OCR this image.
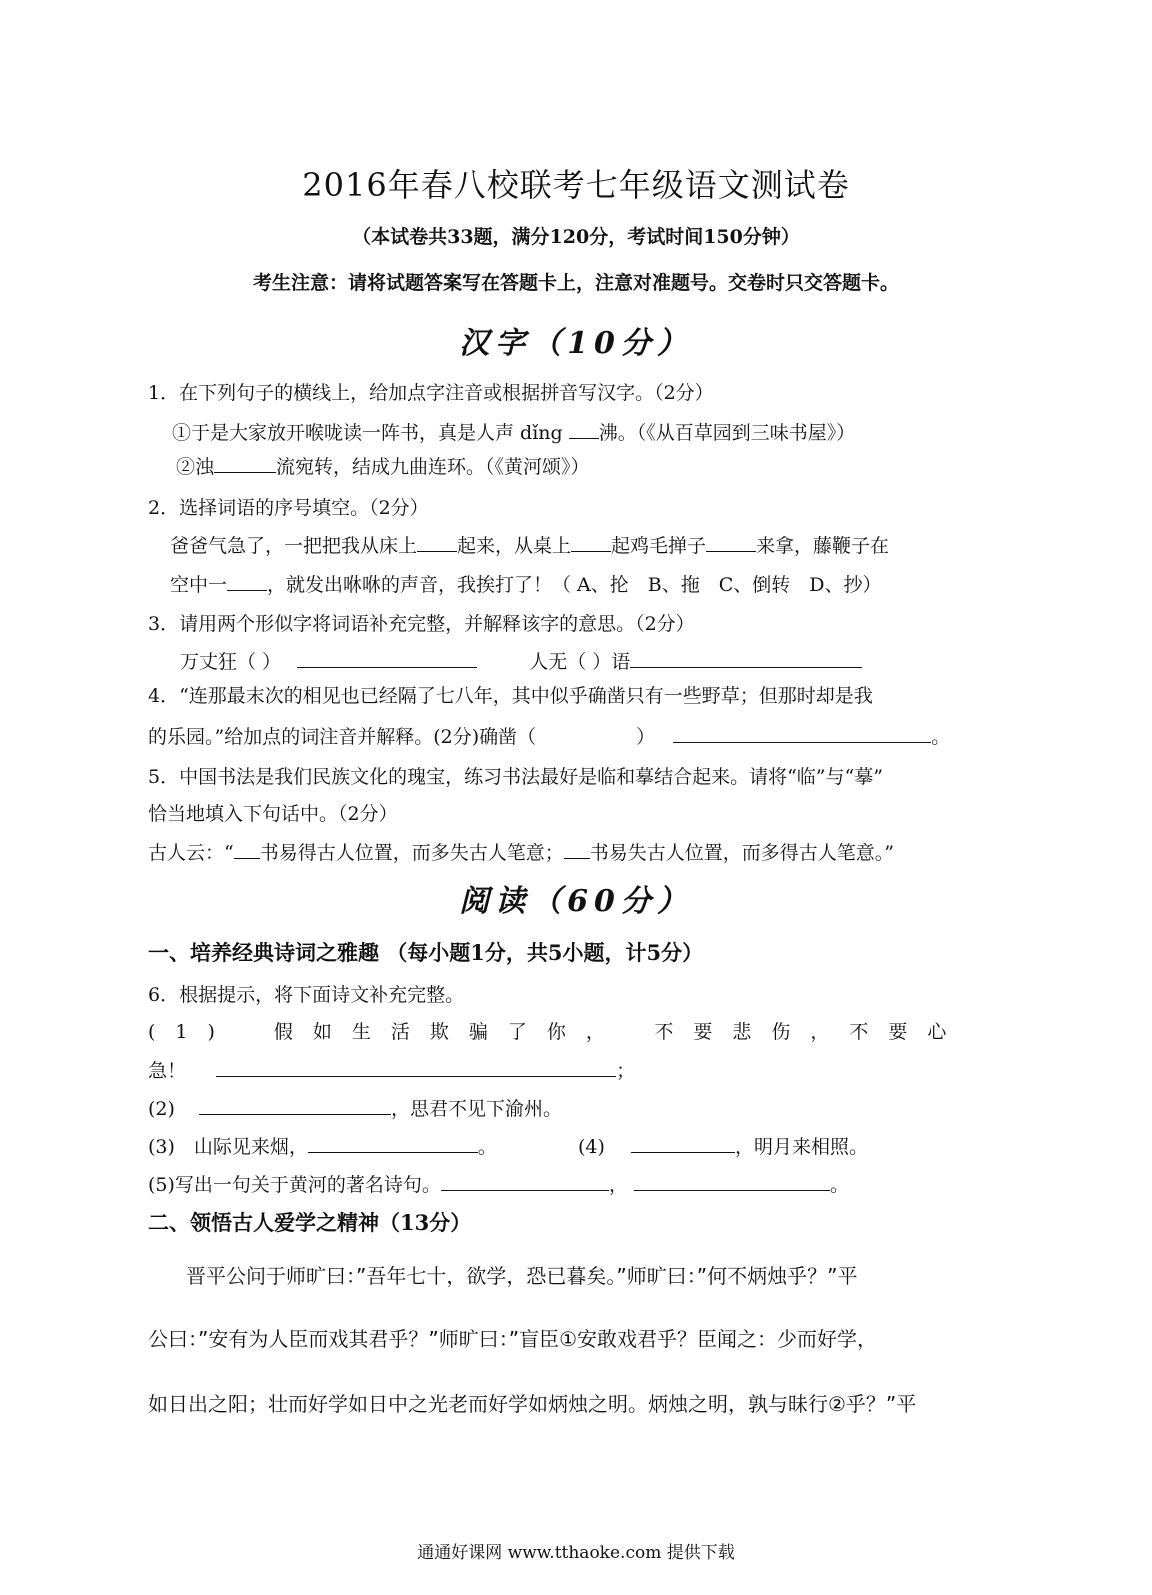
2016年春八校联考七年级语文测试卷
（本试卷共33题，满分120分，考试时间150分钟）
考生注意：请将试题答案写在答题卡上，注意对准题号。交卷时只交答题卡。
汉字（10分）
1．在下列句子的横线上，给加点字注音或根据拼音写汉字。（2分）
①于是大家放开喉咙读一阵书，真是人声 dǐng 沸。（《从百草园到三味书屋》）
②浊	流宛转，结成九曲连环。（《黄河颂》）
2．选择词语的序号填空。（2分）
爸爸气急了，一把把我从床上 起来，从桌上 起鸡毛掸子	来拿，藤鞭子在
空中一 ，就发出咻咻的声音，我挨打了！（ A、抡　B、拖　C、倒转　D、抄）
3．请用两个形似字将词语补充完整，并解释该字的意思。（2分）
万丈狂（ ）	人无（ ）语
4．“连那最末次的相见也已经隔了七八年，其中似乎确凿只有一些野草；但那时却是我
的乐园。”给加点的词注音并解释。(2分)确凿（	）	。
5．中国书法是我们民族文化的瑰宝，练习书法最好是临和摹结合起来。请将“临”与“摹”
恰当地填入下句话中。（2分）
古人云：“ 书易得古人位置，而多失古人笔意； 书易失古人位置，而多得古人笔意。”
阅读（60分）
一、培养经典诗词之雅趣 （每小题1分，共5小题，计5分）
6．根据提示，将下面诗文补充完整。
(1)　假如生活欺骗了你，　不要悲伤，不要心
急！	；
(2)	，思君不见下渝州。
(3)　山际见来烟，	。	(4)	，明月来相照。
(5)写出一句关于黄河的著名诗句。	，	。
二、领悟古人爱学之精神（13分）
晋平公问于师旷曰：”吾年七十，欲学，恐已暮矣。”师旷曰：”何不炳烛乎？”平
公曰：”安有为人臣而戏其君乎？”师旷曰：”盲臣①安敢戏君乎？臣闻之：少而好学，
如日出之阳；壮而好学如日中之光老而好学如炳烛之明。炳烛之明，孰与昧行②乎？”平
通通好课网 www.tthaoke.com 提供下载
